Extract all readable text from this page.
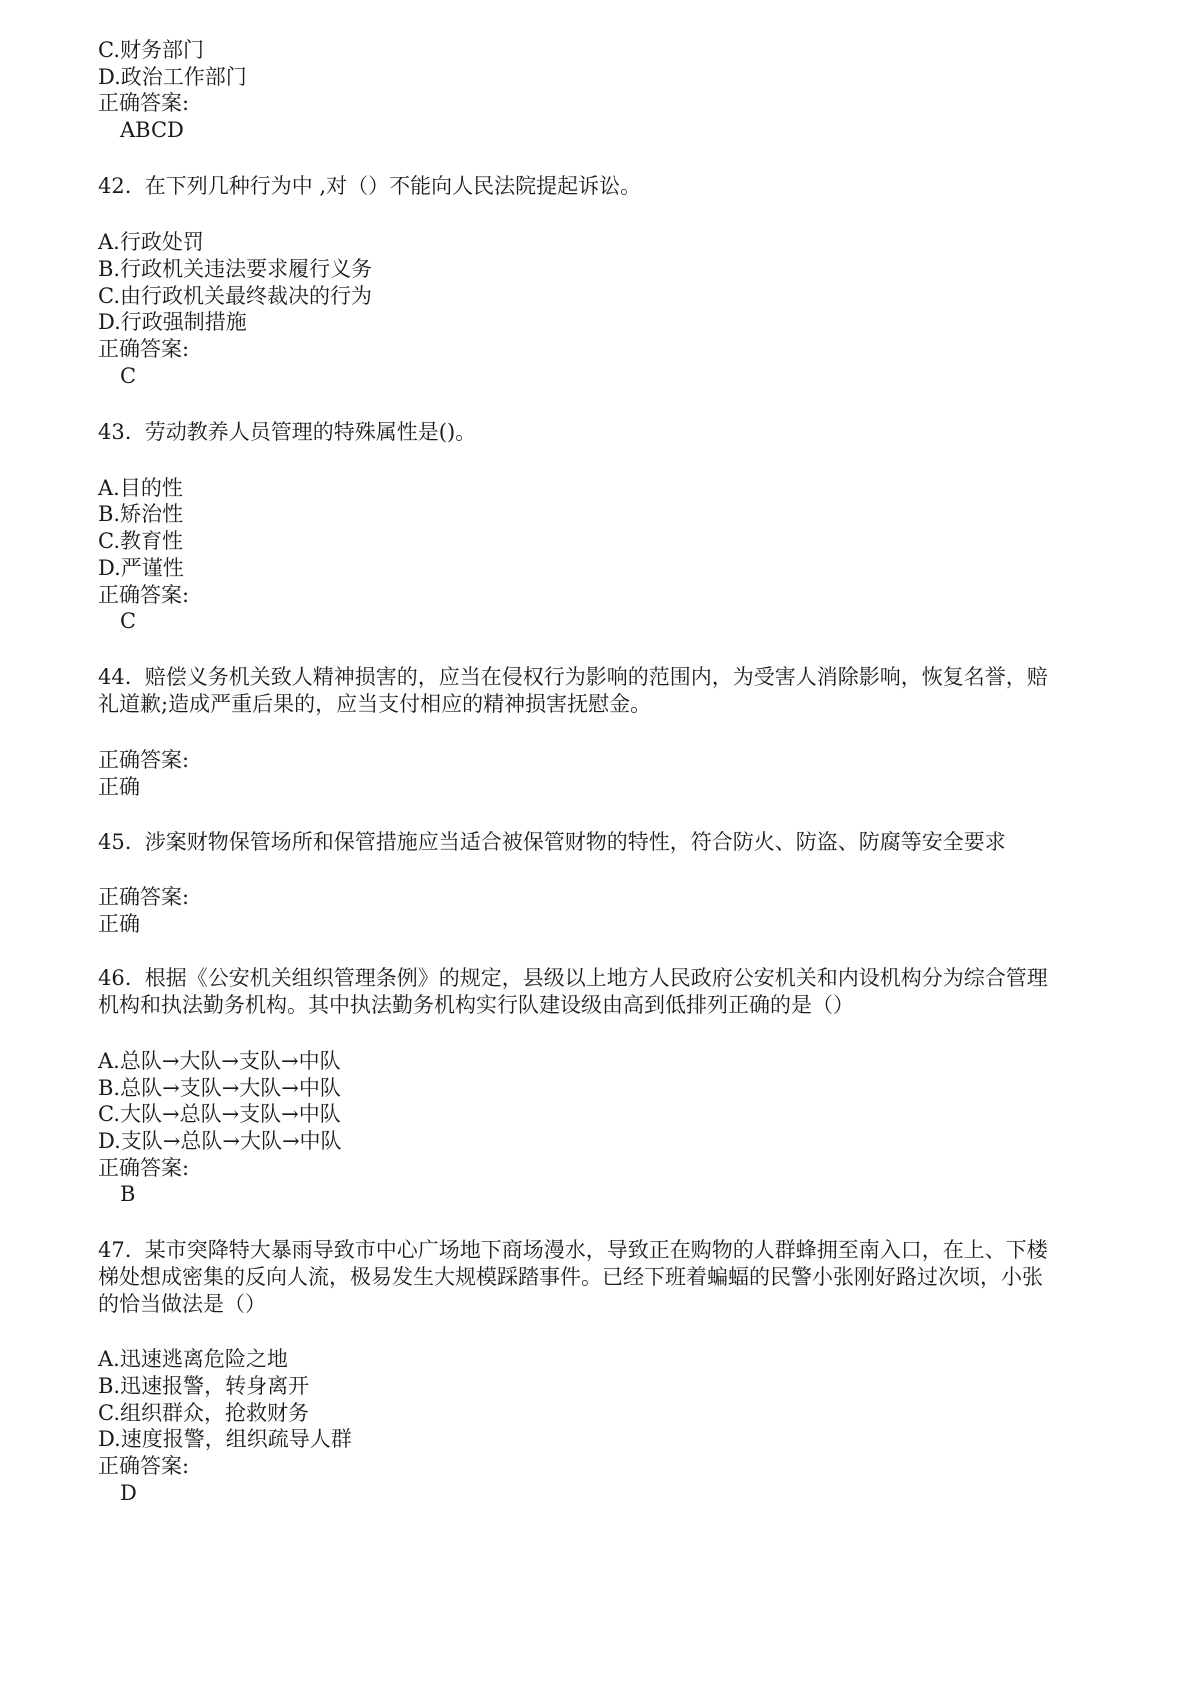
C.财务部门

D.政治工作部门

正确答案:

ABCD

42.  在下列几种行为中 ,对（）不能向人民法院提起诉讼。

A.行政处罚

B.行政机关违法要求履行义务

C.由行政机关最终裁决的行为

D.行政强制措施

正确答案:

C

43.  劳动教养人员管理的特殊属性是()。

A.目的性

B.矫治性

C.教育性

D.严谨性

正确答案:

C

44.  赔偿义务机关致人精神损害的，应当在侵权行为影响的范围内，为受害人消除影响，恢复名誉，赔

礼道歉;造成严重后果的，应当支付相应的精神损害抚慰金。

正确答案:

正确

45.  涉案财物保管场所和保管措施应当适合被保管财物的特性，符合防火、防盗、防腐等安全要求

正确答案:

正确

46.  根据《公安机关组织管理条例》的规定，县级以上地方人民政府公安机关和内设机构分为综合管理

机构和执法勤务机构。其中执法勤务机构实行队建设级由高到低排列正确的是（）

A.总队→大队→支队→中队

B.总队→支队→大队→中队

C.大队→总队→支队→中队

D.支队→总队→大队→中队

正确答案:

B

47.  某市突降特大暴雨导致市中心广场地下商场漫水，导致正在购物的人群蜂拥至南入口，在上、下楼

梯处想成密集的反向人流，极易发生大规模踩踏事件。已经下班着蝙蝠的民警小张刚好路过次顷，小张

的恰当做法是（）

A.迅速逃离危险之地

B.迅速报警，转身离开

C.组织群众，抢救财务

D.速度报警，组织疏导人群

正确答案:

D
